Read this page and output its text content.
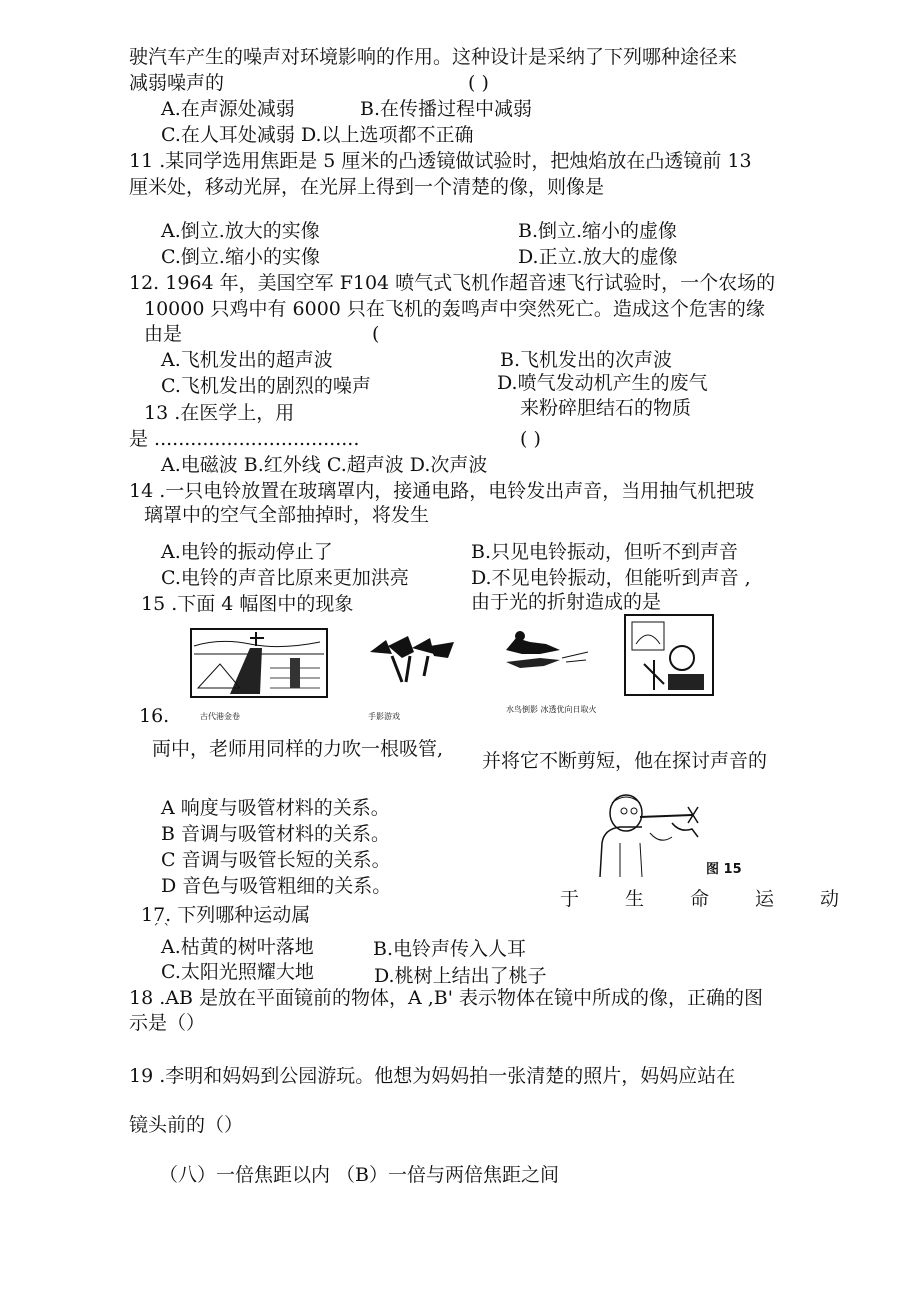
驶汽车产生的噪声对环境影响的作用。这种设计是采纳了下列哪种途径来
减弱噪声的	( )
A.在声源处减弱	B.在传播过程中减弱
C.在人耳处减弱 D.以上选项都不正确
11 .某同学选用焦距是 5 厘米的凸透镜做试验时，把烛焰放在凸透镜前 13
厘米处，移动光屏，在光屏上得到一个清楚的像，则像是
A.倒立.放大的实像	B.倒立.缩小的虚像
C.倒立.缩小的实像	D.正立.放大的虚像
12. 1964 年，美国空军 F104 喷气式飞机作超音速飞行试验时，一个农场的
10000 只鸡中有 6000 只在飞机的轰鸣声中突然死亡。造成这个危害的缘
由是	(
A.飞机发出的超声波	B.飞机发出的次声波
C.飞机发出的剧烈的噪声	D.喷气发动机产生的废气
13 .在医学上，用	来粉碎胆结石的物质
是 ..................................	( )
A.电磁波 B.红外线 C.超声波 D.次声波
14 .一只电铃放置在玻璃罩内，接通电路，电铃发出声音，当用抽气机把玻
璃罩中的空气全部抽掉时，将发生
A.电铃的振动停止了	B.只见电铃振动，但听不到声音
C.电铃的声音比原来更加洪亮	D.不见电铃振动，但能听到声音 ,
15 .下面 4 幅图中的现象	由于光的折射造成的是
16.	古代港金卷	手影游戏
水鸟倒影 冰透优向日取火
両中，老师用同样的力吹一根吸管,
并将它不断剪短，他在探讨声音的
A 响度与吸管材料的关系。
B 音调与吸管材料的关系。
C 音调与吸管长短的关系。
D 音色与吸管粗细的关系。
图 15
于生命运动
17. 下列哪种运动属
ˊ ˋ
A.枯黄的树叶落地	B.电铃声传入人耳
C.太阳光照耀大地	D.桃树上结出了桃子
18 .AB 是放在平面镜前的物体，A ,B' 表示物体在镜中所成的像，正确的图
示是（）
19 .李明和妈妈到公园游玩。他想为妈妈拍一张清楚的照片，妈妈应站在
镜头前的（）
（八）一倍焦距以内 （B）一倍与两倍焦距之间
